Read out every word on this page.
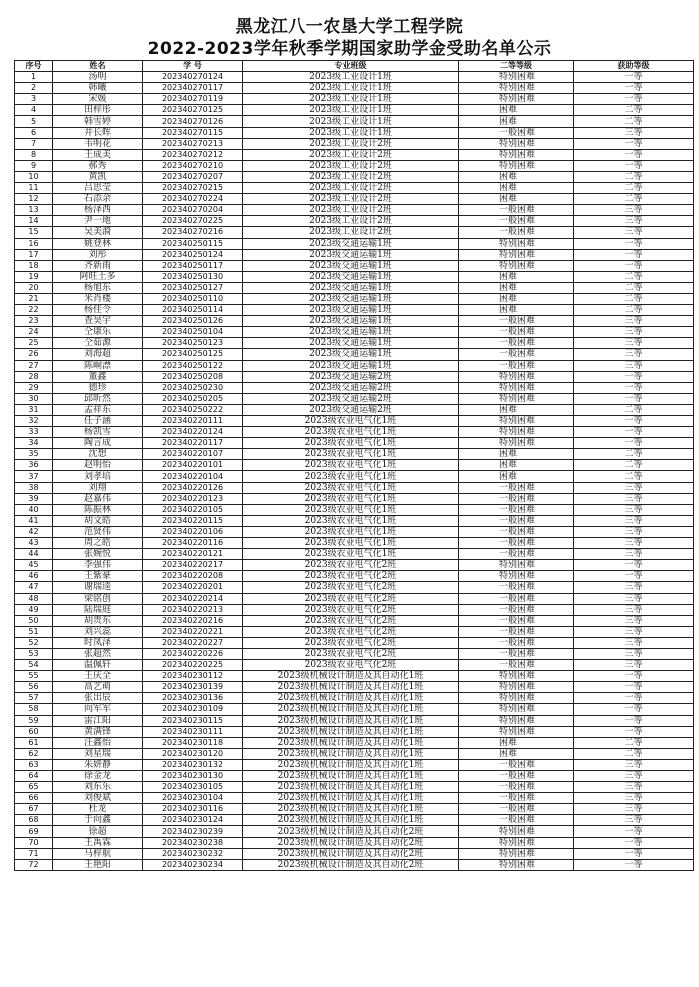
黑龙江八一农垦大学工程学院
2022-2023学年秋季学期国家助学金受助名单公示
序号	姓名	学 号	专业班级	二等等级	获助等级
1	汤明	202340270124	2023级工业设计1班	特别困难	一等
2	韩曦	202340270117	2023级工业设计1班	特别困难	一等
3	宋媛	202340270119	2023级工业设计1班	特别困难	一等
4	田梓彤	202340270125	2023级工业设计1班	困难	二等
5	韩雪婷	202340270126	2023级工业设计1班	困难	二等
6	井长晖	202340270115	2023级工业设计1班	一般困难	三等
7	韦明花	202340270213	2023级工业设计2班	特别困难	一等
8	王成美	202340270212	2023级工业设计2班	特别困难	一等
9	郝秀	202340270210	2023级工业设计2班	特别困难	一等
10	黄凯	202340270207	2023级工业设计2班	困难	二等
11	吕思莹	202340270215	2023级工业设计2班	困难	二等
12	石添余	202340270224	2023级工业设计2班	困难	二等
13	杨泽西	202340270204	2023级工业设计2班	一般困难	三等
14	尹一地	202340270225	2023级工业设计2班	一般困难	三等
15	吴美漪	202340270216	2023级工业设计2班	一般困难	三等
16	姚登林	202340250115	2023级交通运输1班	特别困难	一等
17	刘彤	202340250124	2023级交通运输1班	特别困难	一等
18	齐新雨	202340250117	2023级交通运输1班	特别困难	一等
19	阿旺土多	202340250130	2023级交通运输1班	困难	二等
20	杨旭东	202340250127	2023级交通运输1班	困难	二等
21	米肖楼	202340250110	2023级交通运输1班	困难	二等
22	杨佳令	202340250114	2023级交通运输1班	困难	二等
23	查昊宇	202340250126	2023级交通运输1班	一般困难	三等
24	仝康乐	202340250104	2023级交通运输1班	一般困难	三等
25	仝茹源	202340250123	2023级交通运输1班	一般困难	三等
26	刘海超	202340250125	2023级交通运输1班	一般困难	三等
27	陈峒漂	202340250122	2023级交通运输1班	一般困难	三等
28	董鑫	202340250208	2023级交通运输2班	特别困难	一等
29	德珍	202340250230	2023级交通运输2班	特别困难	一等
30	邱昕然	202340250205	2023级交通运输2班	特别困难	一等
31	孟祥东	202340250222	2023级交通运输2班	困难	二等
32	任子涵	202340220111	2023级农业电气化1班	特别困难	一等
33	杨凯雪	202340220124	2023级农业电气化1班	特别困难	一等
34	陶言成	202340220117	2023级农业电气化1班	特别困难	一等
35	沈想	202340220107	2023级农业电气化1班	困难	二等
36	赵明怡	202340220101	2023级农业电气化1班	困难	二等
37	刘孝培	202340220104	2023级农业电气化1班	困难	二等
38	刘翔	202340220126	2023级农业电气化1班	一般困难	三等
39	赵嘉伟	202340220123	2023级农业电气化1班	一般困难	三等
40	陈振林	202340220105	2023级农业电气化1班	一般困难	三等
41	胡文皓	202340220115	2023级农业电气化1班	一般困难	三等
42	范贤伟	202340220106	2023级农业电气化1班	一般困难	三等
43	周之皓	202340220116	2023级农业电气化1班	一般困难	三等
44	张婉悦	202340220121	2023级农业电气化1班	一般困难	三等
45	李强伟	202340220217	2023级农业电气化2班	特别困难	一等
46	王紫豪	202340220208	2023级农业电气化2班	特别困难	一等
47	谢瑞逵	202340220201	2023级农业电气化2班	一般困难	三等
48	梁铭创	202340220214	2023级农业电气化2班	一般困难	三等
49	陆瑞庭	202340220213	2023级农业电气化2班	一般困难	三等
50	胡贵东	202340220216	2023级农业电气化2班	一般困难	三等
51	刘兴蕊	202340220221	2023级农业电气化2班	一般困难	三等
52	时凤泽	202340220227	2023级农业电气化2班	一般困难	三等
53	张超然	202340220226	2023级农业电气化2班	一般困难	三等
54	温佩轩	202340220225	2023级农业电气化2班	一般困难	三等
55	王庆全	202340230112	2023级机械设计制造及其自动化1班	特别困难	一等
56	高艺萌	202340230139	2023级机械设计制造及其自动化1班	特别困难	一等
57	张出辰	202340230136	2023级机械设计制造及其自动化1班	特别困难	一等
58	向军军	202340230109	2023级机械设计制造及其自动化1班	特别困难	一等
59	雷江阳	202340230115	2023级机械设计制造及其自动化1班	特别困难	一等
60	黄满锋	202340230111	2023级机械设计制造及其自动化1班	特别困难	一等
61	汪鑫怡	202340230118	2023级机械设计制造及其自动化1班	困难	二等
62	刘星瑞	202340230120	2023级机械设计制造及其自动化1班	困难	二等
63	朱妍静	202340230132	2023级机械设计制造及其自动化1班	一般困难	三等
64	徐金龙	202340230130	2023级机械设计制造及其自动化1班	一般困难	三等
65	刘东乐	202340230105	2023级机械设计制造及其自动化1班	一般困难	三等
66	刘俊斌	202340230104	2023级机械设计制造及其自动化1班	一般困难	三等
67	杜龙	202340230116	2023级机械设计制造及其自动化1班	一般困难	三等
68	于向鑫	202340230124	2023级机械设计制造及其自动化1班	一般困难	三等
69	徐超	202340230239	2023级机械设计制造及其自动化2班	特别困难	一等
70	王禹霖	202340230238	2023级机械设计制造及其自动化2班	特别困难	一等
71	马梓航	202340230232	2023级机械设计制造及其自动化2班	特别困难	一等
72	王艳阳	202340230234	2023级机械设计制造及其自动化2班	特别困难	一等
